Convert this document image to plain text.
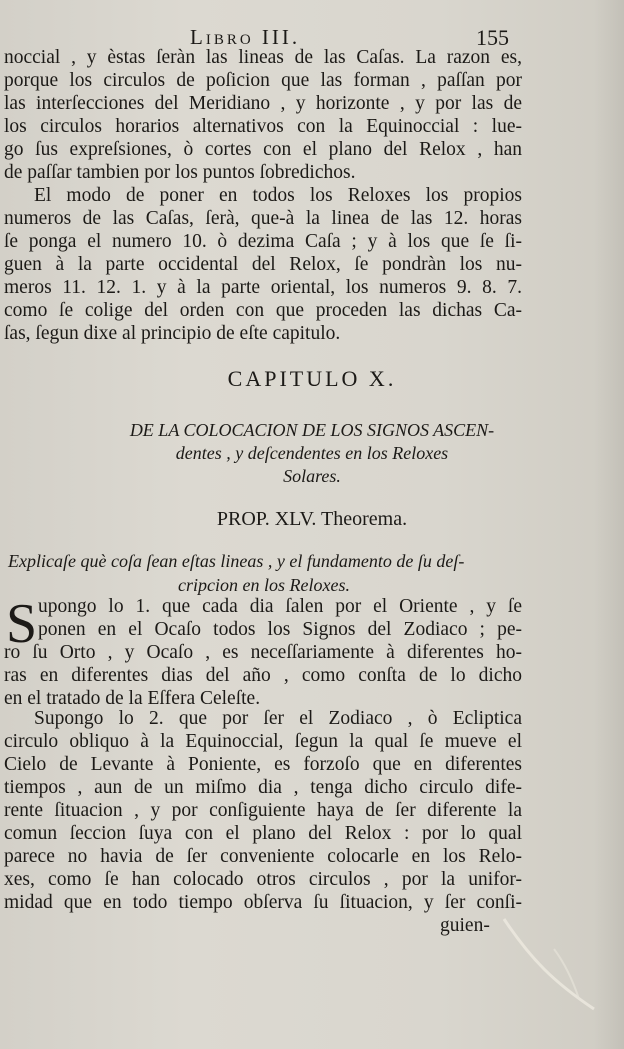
Libro III.	155
noccial , y èstas ſeràn las lineas de las Caſas. La razon es,
porque los circulos de poſicion que las forman , paſſan por
las interſecciones del Meridiano , y horizonte , y por las de
los circulos horarios alternativos con la Equinoccial : lue-
go ſus expreſsiones, ò cortes con el plano del Relox , han
de paſſar tambien por los puntos ſobredichos.
El modo de poner en todos los Reloxes los propios
numeros de las Caſas, ſerà, que-à la linea de las 12. horas
ſe ponga el numero 10. ò dezima Caſa ; y à los que ſe ſi-
guen à la parte occidental del Relox, ſe pondràn los nu-
meros 11. 12. 1. y à la parte oriental, los numeros 9. 8. 7.
como ſe colige del orden con que proceden las dichas Ca-
ſas, ſegun dixe al principio de eſte capitulo.
CAPITULO X.
DE LA COLOCACION DE LOS SIGNOS ASCEN-
dentes , y deſcendentes en los Reloxes
Solares.
PROP. XLV. Theorema.
Explicaſe què coſa ſean eſtas lineas , y el fundamento de ſu deſ-
cripcion en los Reloxes.
S upongo lo 1. que cada dia ſalen por el Oriente , y ſe
ponen en el Ocaſo todos los Signos del Zodiaco ; pe-
ro ſu Orto , y Ocaſo , es neceſſariamente à diferentes ho-
ras en diferentes dias del año , como conſta de lo dicho
en el tratado de la Eſfera Celeſte.
Supongo lo 2. que por ſer el Zodiaco , ò Ecliptica
circulo obliquo à la Equinoccial, ſegun la qual ſe mueve el
Cielo de Levante à Poniente, es forzoſo que en diferentes
tiempos , aun de un miſmo dia , tenga dicho circulo dife-
rente ſituacion , y por conſiguiente haya de ſer diferente la
comun ſeccion ſuya con el plano del Relox : por lo qual
parece no havia de ſer conveniente colocarle en los Relo-
xes, como ſe han colocado otros circulos , por la unifor-
midad que en todo tiempo obſerva ſu ſituacion, y ſer conſi-
guien-
